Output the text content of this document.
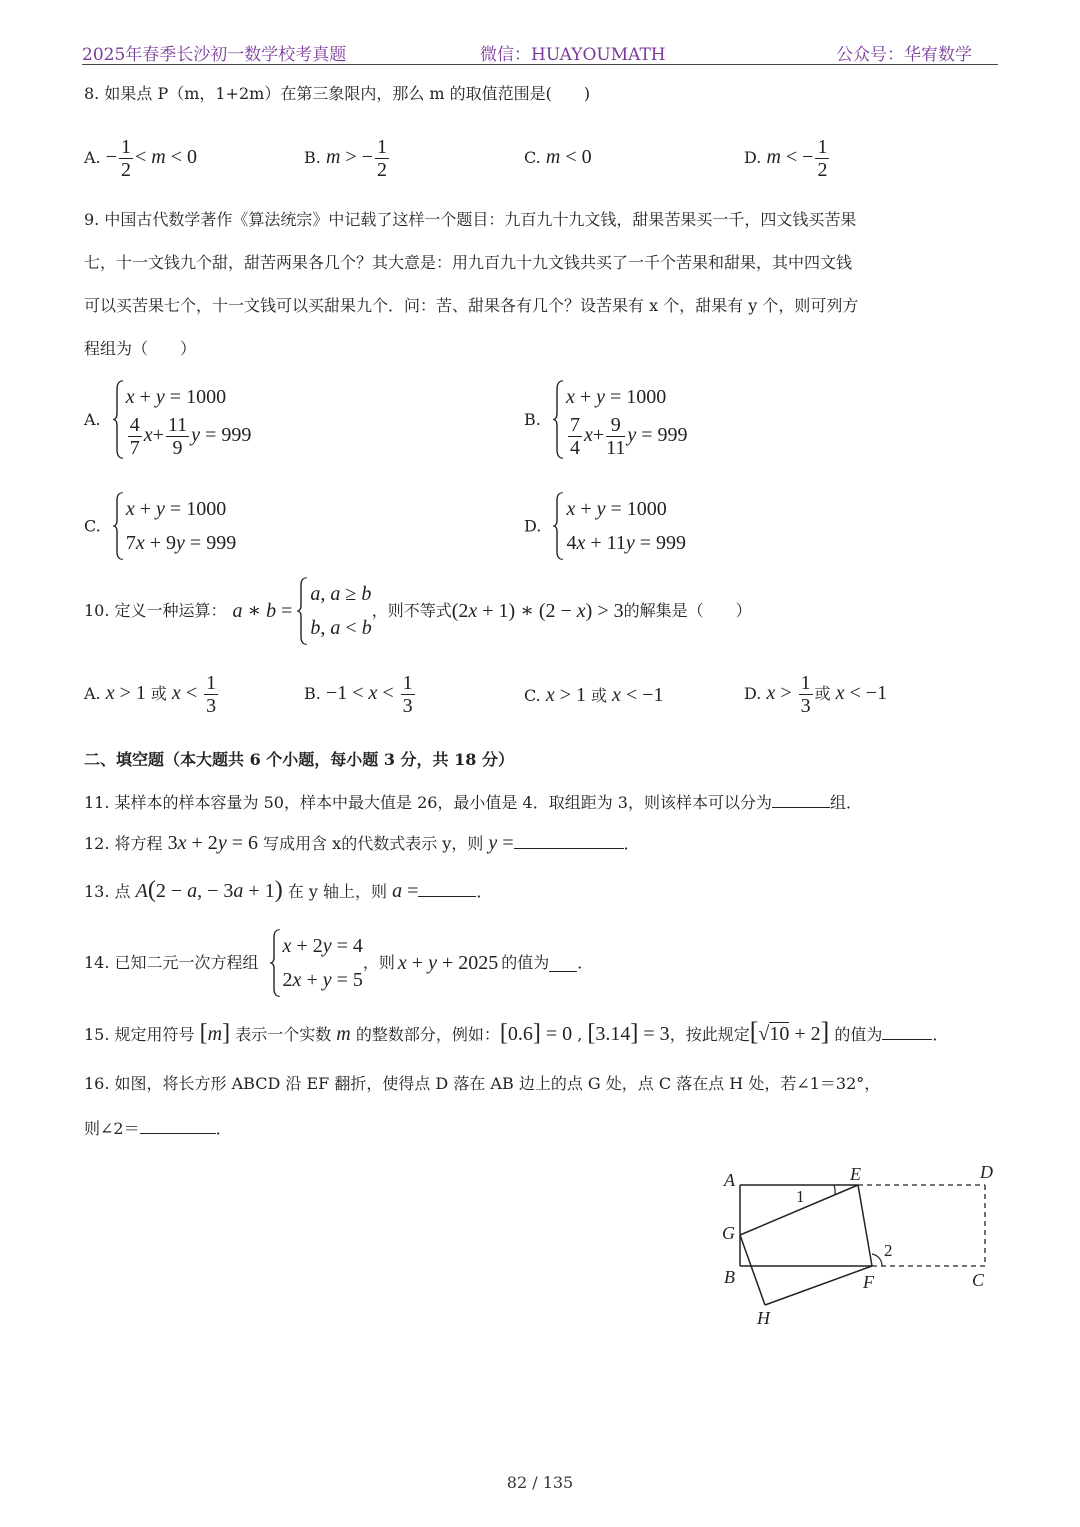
2025年春季长沙初一数学校考真题	微信：HUAYOUMATH	公众号：华宥数学
8. 如果点 P（m，1+2m）在第三象限内，那么 m 的取值范围是(　　)
A. − $\frac{1}{2} < m < 0$	B. m > − $\frac{1}{2}$	C. m < 0	D. m < − $\frac{1}{2}$
9. 中国古代数学著作《算法统宗》中记载了这样一个题目：九百九十九文钱，甜果苦果买一千，四文钱买苦果
七，十一文钱九个甜，甜苦两果各几个？其大意是：用九百九十九文钱共买了一千个苦果和甜果，其中四文钱
可以买苦果七个，十一文钱可以买甜果九个．问：苦、甜果各有几个？设苦果有 x 个，甜果有 y 个，则可列方
程组为（　　）
A.
x + y = 1000
$\frac{4}{7} x+ \frac{11}{9}$ y = 999
B.
x + y = 1000
$\frac{7}{4} x+ \frac{9}{11}$ y = 999
C.
x + y = 1000
7x + 9y = 999
D.
x + y = 1000
4x + 11y = 999
10. 定义一种运算： a ∗ b =
a, a ≥ b
b, a < b
，则不等式 (2x + 1) ∗ (2 − x) > 3 的解集是（　　）
A. x > 1 或 $x < \frac{1}{3}$	B. $-1 < x < \frac{1}{3}$	C. x > 1 或 x < −1	D. $x > \frac{1}{3}$ 或 x < −1
二、填空题（本大题共 6 个小题，每小题 3 分，共 18 分）
11. 某样本的样本容量为 50，样本中最大值是 26，最小值是 4．取组距为 3，则该样本可以分为	组．
12. 将方程 3x + 2y = 6 写成用含 x的代数式表示 y，则 y =	．
13. 点 A(2 − a, − 3a + 1) 在 y 轴上，则 a =	．
14. 已知二元一次方程组
x + 2y = 4
2x + y = 5
，则 x + y + 2025 的值为 ．
15. 规定用符号 [m] 表示一个实数 m 的整数部分，例如：[0.6] = 0 , [3.14] = 3，按此规定[√10 + 2] 的值为	．
16. 如图，将长方形 ABCD 沿 EF 翻折，使得点 D 落在 AB 边上的点 G 处，点 C 落在点 H 处，若∠1＝32°，
则∠2＝	．
A
G
B
E	D
F	C
H
1
2
82 / 135
